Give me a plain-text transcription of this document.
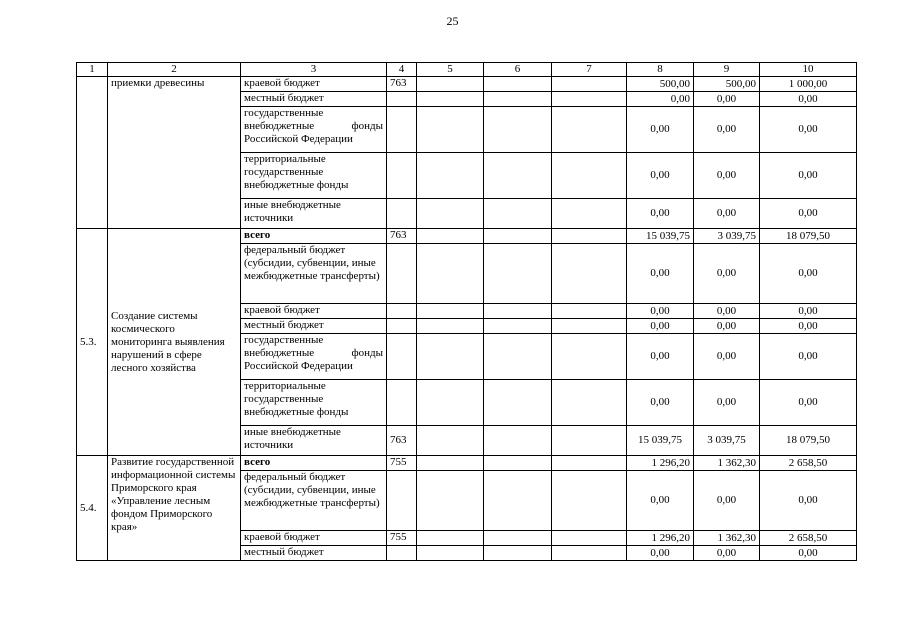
25
1	2	3	4	5	6	7	8	9	10
	приемки древесины	краевой бюджет	763				500,00	500,00	1 000,00
		местный бюджет					0,00	0,00	0,00

		государственные
внебюджетные фонды
Российской Федерации					0,00	0,00	0,00
		территориальные государственные внебюджетные фонды					0,00	0,00	0,00
		иные внебюджетные источники					0,00	0,00	0,00
5.3.	Создание системы космического мониторинга выявления нарушений в сфере лесного хозяйства	всего	763				15 039,75	3 039,75	18 079,50
		федеральный бюджет (субсидии, субвенции, иные межбюджетные трансферты)					0,00	0,00	0,00
		краевой бюджет					0,00	0,00	0,00
		местный бюджет					0,00	0,00	0,00

		государственные
внебюджетные фонды
Российской Федерации					0,00	0,00	0,00
		территориальные государственные внебюджетные фонды					0,00	0,00	0,00
		иные внебюджетные источники	763				15 039,75	3 039,75	18 079,50
5.4.	Развитие государственной информационной системы Приморского края «Управление лесным фондом Приморского края»	всего	755				1 296,20	1 362,30	2 658,50
		федеральный бюджет (субсидии, субвенции, иные межбюджетные трансферты)					0,00	0,00	0,00
		краевой бюджет	755				1 296,20	1 362,30	2 658,50
		местный бюджет					0,00	0,00	0,00
